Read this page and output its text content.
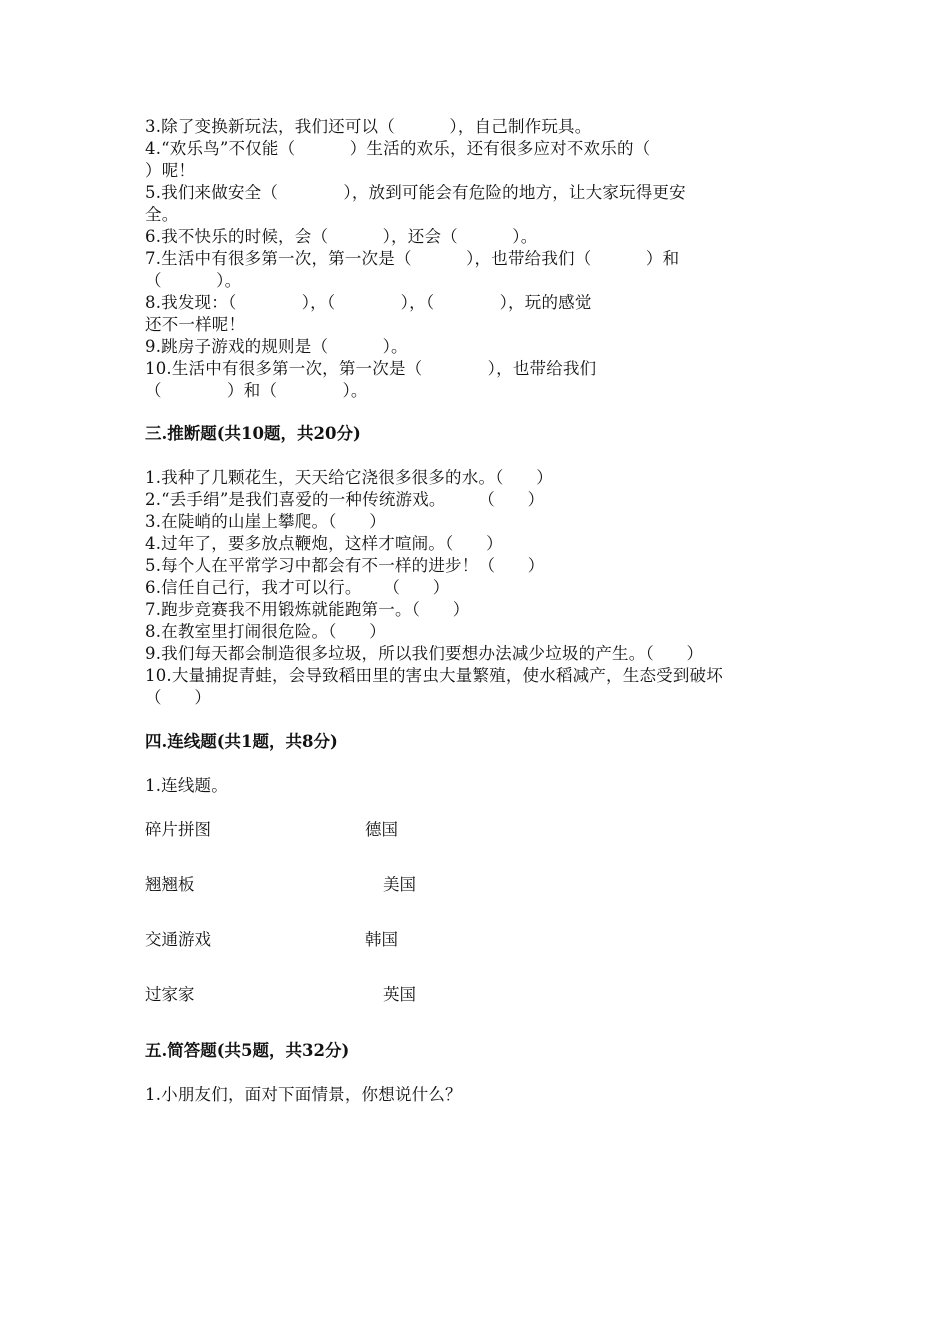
3.除了变换新玩法，我们还可以（          ），自己制作玩具。
4.“欢乐鸟”不仅能（          ）生活的欢乐，还有很多应对不欢乐的（
）呢！
5.我们来做安全（            ），放到可能会有危险的地方，让大家玩得更安
全。
6.我不快乐的时候，会（          ），还会（          ）。
7.生活中有很多第一次，第一次是（          ），也带给我们（          ）和
（          ）。
8.我发现：（            ），（            ），（            ），玩的感觉
还不一样呢！
9.跳房子游戏的规则是（          ）。
10.生活中有很多第一次，第一次是（            ），也带给我们
（            ）和（            ）。
三.推断题(共10题，共20分)
1.我种了几颗花生，天天给它浇很多很多的水。（      ）
2.“丢手绢”是我们喜爱的一种传统游戏。      （      ）
3.在陡峭的山崖上攀爬。（      ）
4.过年了，要多放点鞭炮，这样才喧闹。（      ）
5.每个人在平常学习中都会有不一样的进步！（      ）
6.信任自己行，我才可以行。    （      ）
7.跑步竞赛我不用锻炼就能跑第一。（      ）
8.在教室里打闹很危险。（      ）
9.我们每天都会制造很多垃圾，所以我们要想办法减少垃圾的产生。（      ）
10.大量捕捉青蛙，会导致稻田里的害虫大量繁殖，使水稻减产，生态受到破坏
（      ）
四.连线题(共1题，共8分)
1.连线题。
碎片拼图	德国
翘翘板	美国
交通游戏	韩国
过家家	英国
五.简答题(共5题，共32分)
1.小朋友们，面对下面情景，你想说什么？
